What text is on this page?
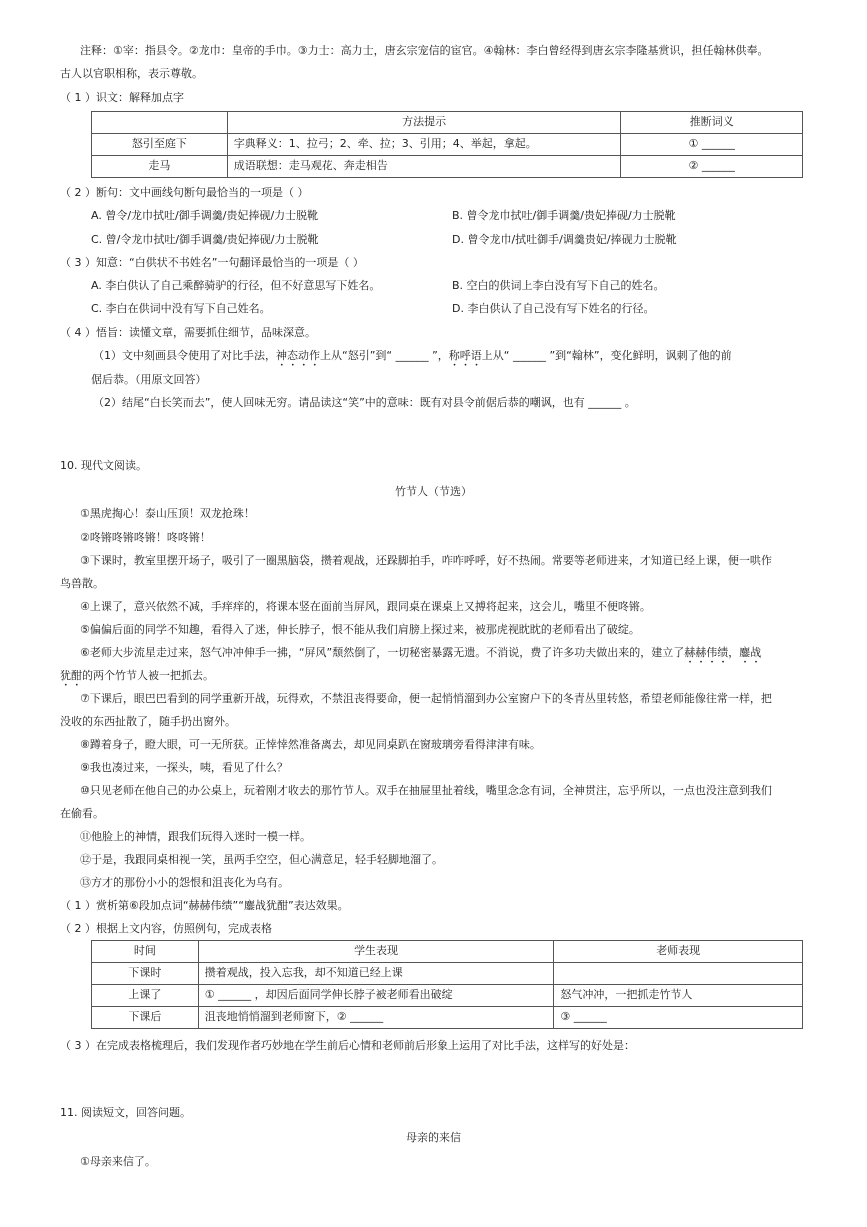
注释：①宰：指县令。②龙巾：皇帝的手巾。③力士：高力士，唐玄宗宠信的宦官。④翰林：李白曾经得到唐玄宗李隆基赏识，担任翰林供奉。
古人以官职相称，表示尊敬。
（ 1 ）识文：解释加点字
	方法提示	推断词义
怒引至庭下	字典释义：1、拉弓；2、牵、拉；3、引用；4、举起，拿起。	① ______
走马	成语联想：走马观花、奔走相告	② ______
（ 2 ）断句：文中画线句断句最恰当的一项是（ ）
A. 曾令/龙巾拭吐/御手调羹/贵妃捧砚/力士脱靴	B. 曾令龙巾拭吐/御手调羹/贵妃捧砚/力士脱靴
C. 曾/令龙巾拭吐/御手调羹/贵妃捧砚/力士脱靴	D. 曾令龙巾/拭吐御手/调羹贵妃/捧砚力士脱靴
（ 3 ）知意：“白供状不书姓名”一句翻译最恰当的一项是（ ）
A. 李白供认了自己乘醉骑驴的行径，但不好意思写下姓名。	B. 空白的供词上李白没有写下自己的姓名。
C. 李白在供词中没有写下自己姓名。	D. 李白供认了自己没有写下姓名的行径。
（ 4 ）悟旨：读懂文章，需要抓住细节，品味深意。
（1）文中刻画县令使用了对比手法，神态动作上从“怒引”到“ ______ ”，称呼语上从“ ______ ”到“翰林”，变化鲜明，讽刺了他的前
倨后恭。（用原文回答）
（2）结尾“白长笑而去”，使人回味无穷。请品读这“笑”中的意味：既有对县令前倨后恭的嘲讽，也有 ______ 。
10. 现代文阅读。
竹节人（节选）
①黑虎掏心！泰山压顶！双龙抢珠！
②咚锵咚锵咚锵！咚咚锵！
③下课时，教室里摆开场子，吸引了一圈黑脑袋，攒着观战，还跺脚拍手，咋咋呼呼，好不热闹。常要等老师进来，才知道已经上课，便一哄作
鸟兽散。
④上课了，意兴依然不减，手痒痒的，将课本竖在面前当屏风，跟同桌在课桌上又搏将起来，这会儿，嘴里不便咚锵。
⑤偏偏后面的同学不知趣，看得入了迷，伸长脖子，恨不能从我们肩膀上探过来，被那虎视眈眈的老师看出了破绽。
⑥老师大步流星走过来，怒气冲冲伸手一拂，“屏风”颓然倒了，一切秘密暴露无遗。不消说，费了许多功夫做出来的，建立了赫赫伟绩，鏖战
犹酣的两个竹节人被一把抓去。
⑦下课后，眼巴巴看到的同学重新开战，玩得欢，不禁沮丧得要命，便一起悄悄溜到办公室窗户下的冬青丛里转悠，希望老师能像往常一样，把
没收的东西扯散了，随手扔出窗外。
⑧蹲着身子，瞪大眼，可一无所获。正悻悻然准备离去，却见同桌趴在窗玻璃旁看得津津有味。
⑨我也凑过来，一探头，咦，看见了什么？
⑩只见老师在他自己的办公桌上，玩着刚才收去的那竹节人。双手在抽屉里扯着线，嘴里念念有词，全神贯注，忘乎所以，一点也没注意到我们
在偷看。
⑪他脸上的神情，跟我们玩得入迷时一模一样。
⑫于是，我跟同桌相视一笑，虽两手空空，但心满意足，轻手轻脚地溜了。
⑬方才的那份小小的怨恨和沮丧化为乌有。
（ 1 ）赏析第⑥段加点词“赫赫伟绩”“鏖战犹酣”表达效果。
（ 2 ）根据上文内容，仿照例句，完成表格
时间	学生表现	老师表现
下课时	攒着观战，投入忘我，却不知道已经上课	
上课了	① ______ ，却因后面同学伸长脖子被老师看出破绽	怒气冲冲，一把抓走竹节人
下课后	沮丧地悄悄溜到老师窗下，② ______	③ ______
（ 3 ）在完成表格梳理后，我们发现作者巧妙地在学生前后心情和老师前后形象上运用了对比手法，这样写的好处是：
11. 阅读短文，回答问题。
母亲的来信
①母亲来信了。
